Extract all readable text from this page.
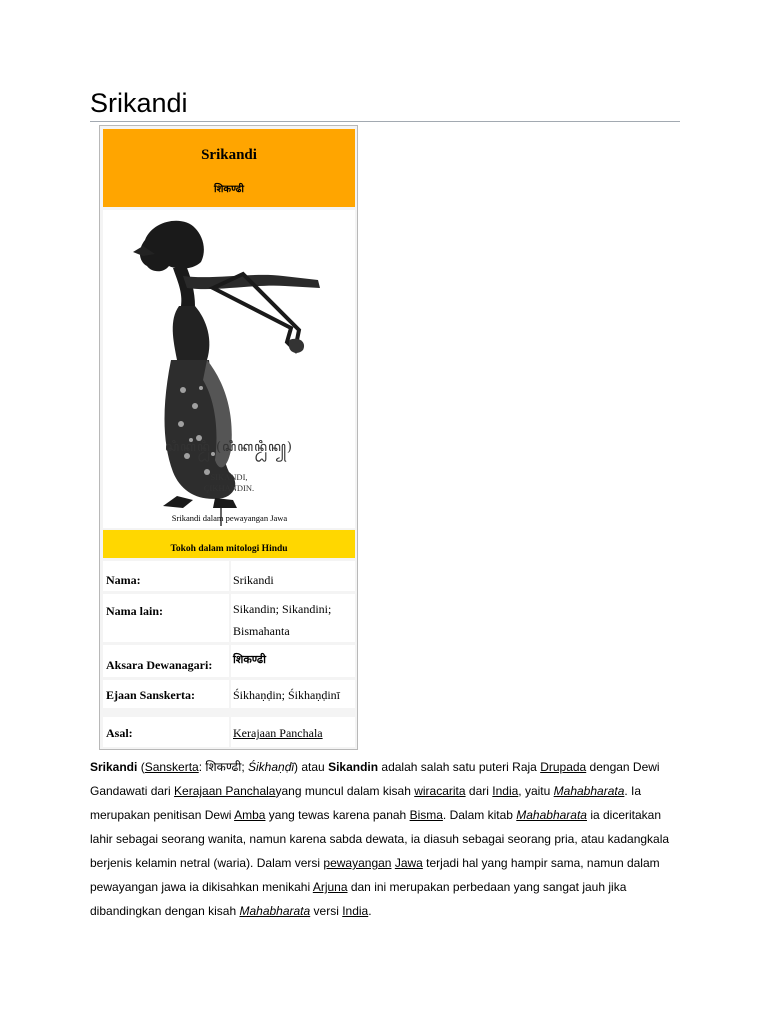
Srikandi
Srikandi
शिकण्ढी
ꦱꦶꦏꦤ꧀ꦝꦶ (ꦱꦶꦏꦤ꧀ꦝꦶꦤ꧀)
SIKANDI,
ÇIKHANDIN.
Srikandi dalam pewayangan Jawa
Tokoh dalam mitologi Hindu
Nama:	Srikandi
Nama lain:	Sikandin; Sikandini;
Bismahanta
Aksara Dewanagari:	शिकण्ढी
Ejaan Sanskerta:	Śikhaṇḍin; Śikhaṇḍinī
Asal:	Kerajaan Panchala

Srikandi (Sanskerta: शिकण्ढी; Śikhaṇḍī) atau Sikandin adalah salah satu puteri Raja Drupada dengan Dewi Gandawati dari Kerajaan Panchalayang muncul dalam kisah wiracarita dari India, yaitu Mahabharata. Ia merupakan penitisan Dewi Amba yang tewas karena panah Bisma. Dalam kitab Mahabharata ia diceritakan lahir sebagai seorang wanita, namun karena sabda dewata, ia diasuh sebagai seorang pria, atau kadangkala berjenis kelamin netral (waria). Dalam versi pewayangan Jawa terjadi hal yang hampir sama, namun dalam pewayangan jawa ia dikisahkan menikahi Arjuna dan ini merupakan perbedaan yang sangat jauh jika dibandingkan dengan kisah Mahabharata versi India.
